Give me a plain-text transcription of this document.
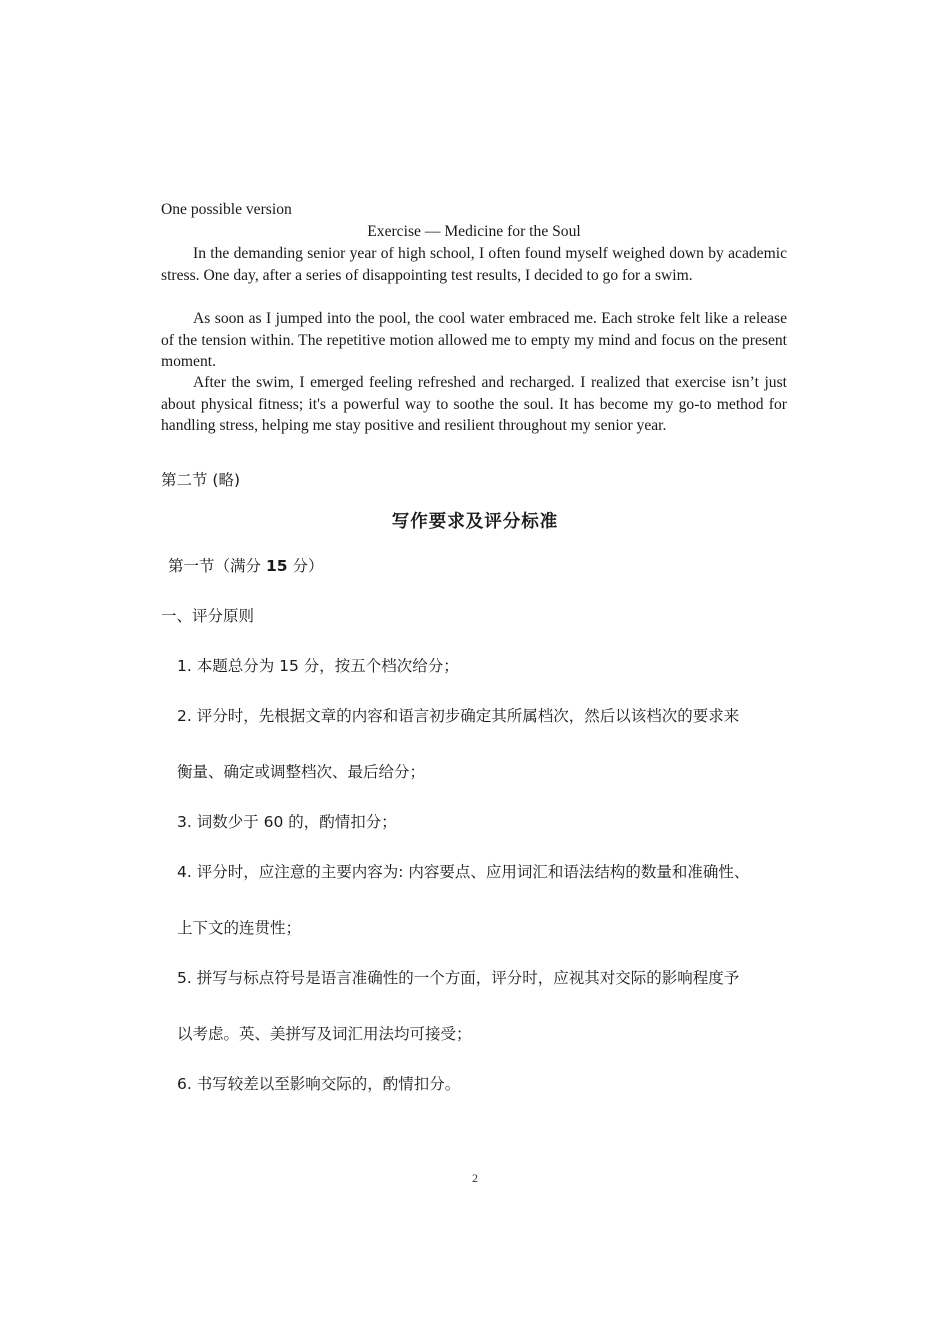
One possible version
Exercise — Medicine for the Soul
In the demanding senior year of high school, I often found myself weighed down by academic stress. One day, after a series of disappointing test results, I decided to go for a swim.
As soon as I jumped into the pool, the cool water embraced me. Each stroke felt like a release of the tension within. The repetitive motion allowed me to empty my mind and focus on the present moment.
After the swim, I emerged feeling refreshed and recharged. I realized that exercise isn’t just about physical fitness; it's a powerful way to soothe the soul. It has become my go-to method for handling stress, helping me stay positive and resilient throughout my senior year.
第二节 (略)
写作要求及评分标准
第一节（满分 15 分）
一、评分原则
1. 本题总分为 15 分，按五个档次给分；
2. 评分时，先根据文章的内容和语言初步确定其所属档次，然后以该档次的要求来
衡量、确定或调整档次、最后给分；
3. 词数少于 60 的，酌情扣分；
4. 评分时，应注意的主要内容为: 内容要点、应用词汇和语法结构的数量和准确性、
上下文的连贯性；
5. 拼写与标点符号是语言准确性的一个方面，评分时，应视其对交际的影响程度予
以考虑。英、美拼写及词汇用法均可接受；
6. 书写较差以至影响交际的，酌情扣分。
2
